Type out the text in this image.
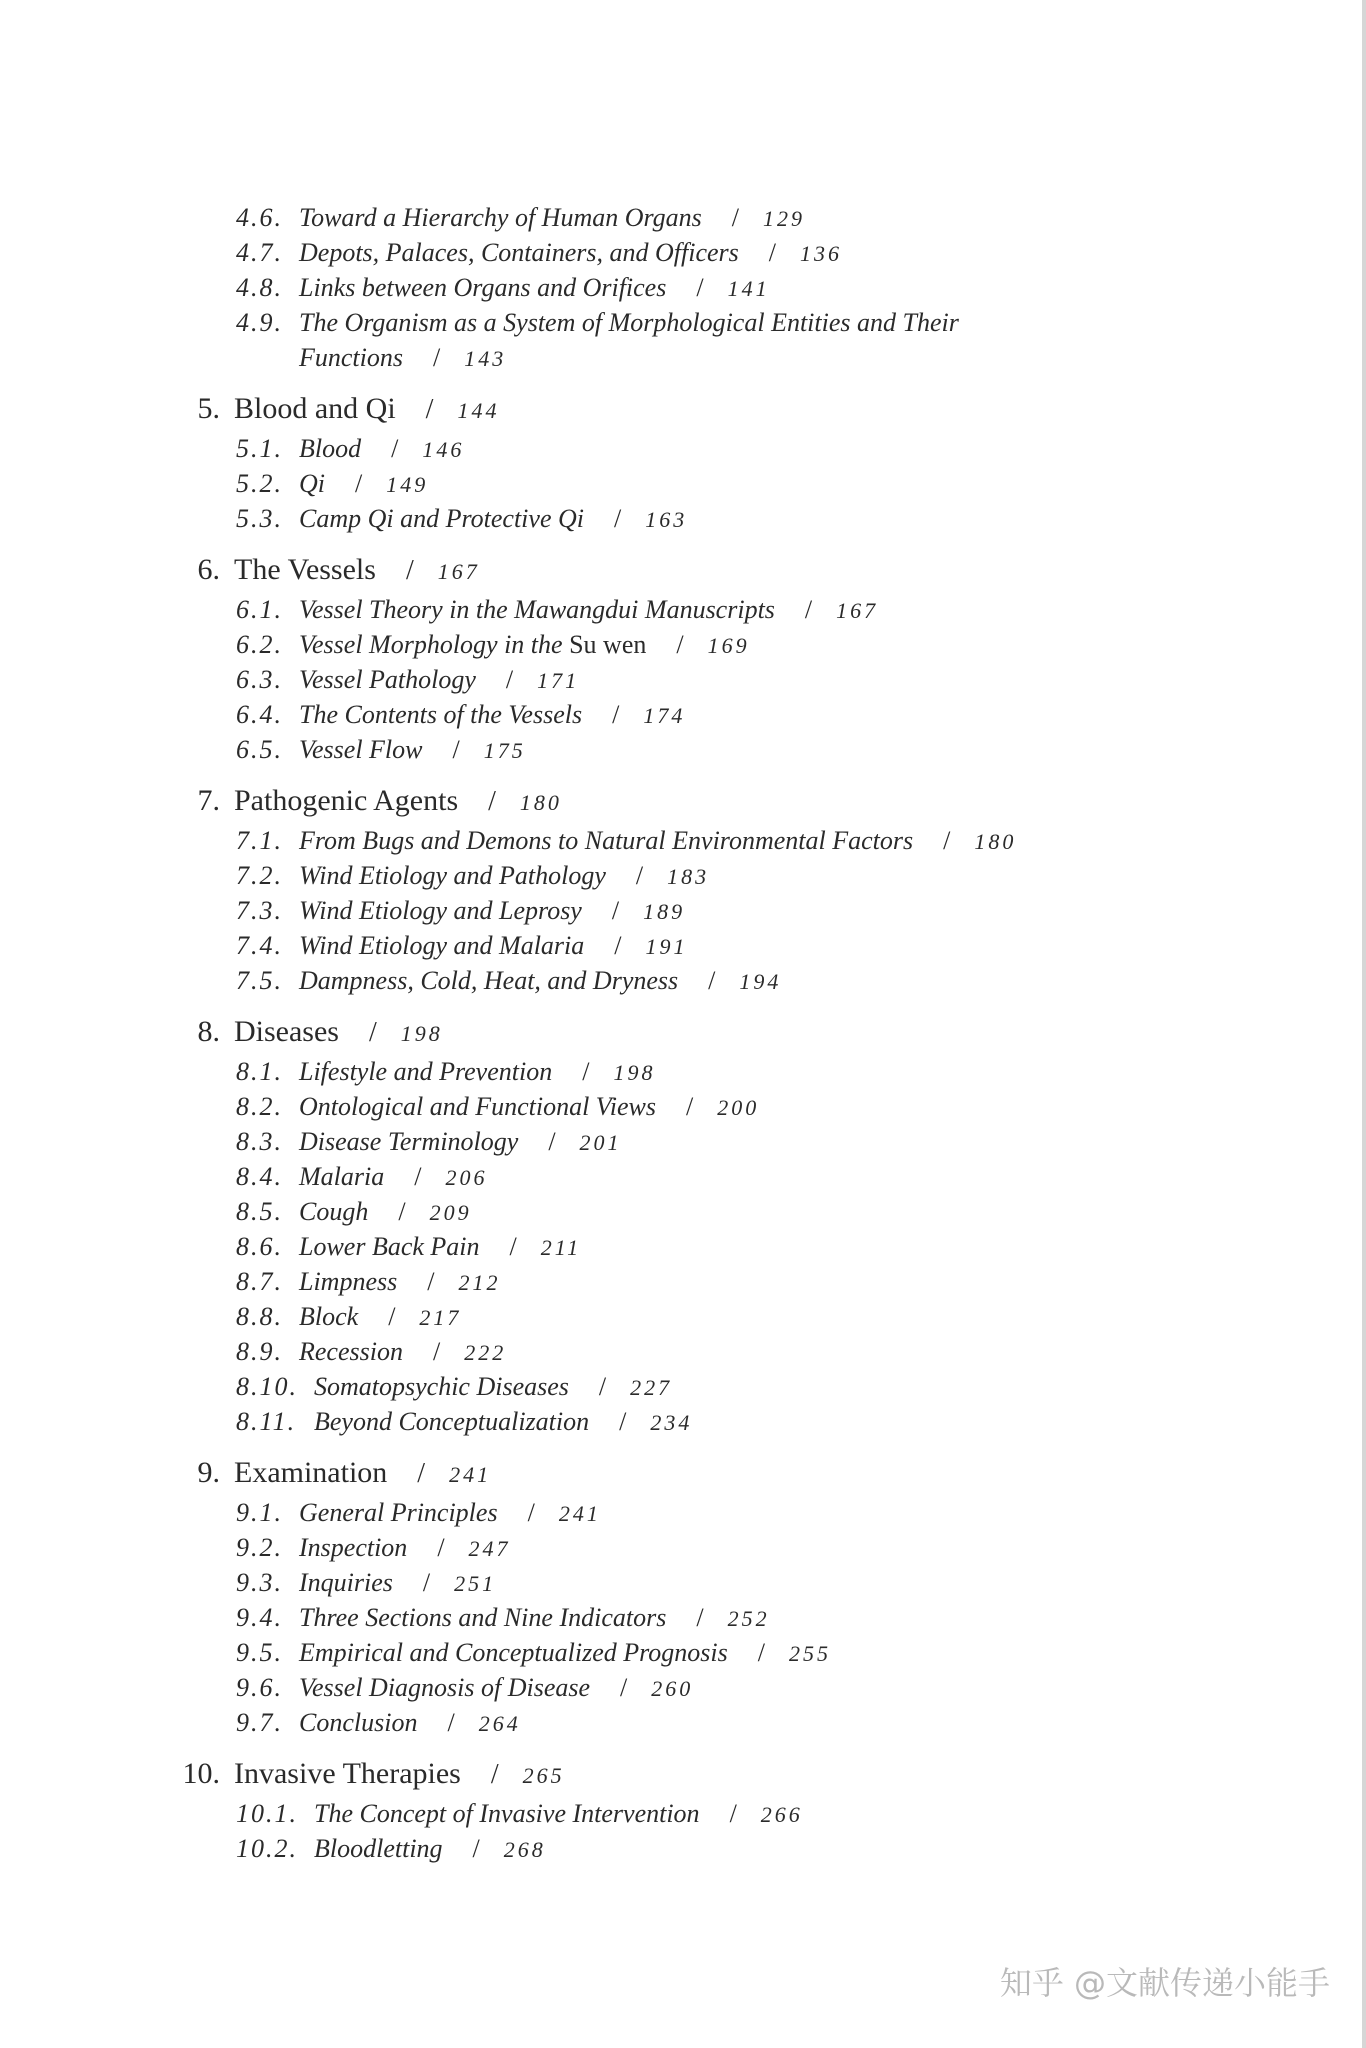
4.6. Toward a Hierarchy of Human Organs / 129
4.7. Depots, Palaces, Containers, and Officers / 136
4.8. Links between Organs and Orifices / 141
4.9. The Organism as a System of Morphological Entities and Their
Functions / 143
5. Blood and Qi / 144
5.1. Blood / 146
5.2. Qi / 149
5.3. Camp Qi and Protective Qi / 163
6. The Vessels / 167
6.1. Vessel Theory in the Mawangdui Manuscripts / 167
6.2. Vessel Morphology in the Su wen / 169
6.3. Vessel Pathology / 171
6.4. The Contents of the Vessels / 174
6.5. Vessel Flow / 175
7. Pathogenic Agents / 180
7.1. From Bugs and Demons to Natural Environmental Factors / 180
7.2. Wind Etiology and Pathology / 183
7.3. Wind Etiology and Leprosy / 189
7.4. Wind Etiology and Malaria / 191
7.5. Dampness, Cold, Heat, and Dryness / 194
8. Diseases / 198
8.1. Lifestyle and Prevention / 198
8.2. Ontological and Functional Views / 200
8.3. Disease Terminology / 201
8.4. Malaria / 206
8.5. Cough / 209
8.6. Lower Back Pain / 211
8.7. Limpness / 212
8.8. Block / 217
8.9. Recession / 222
8.10. Somatopsychic Diseases / 227
8.11. Beyond Conceptualization / 234
9. Examination / 241
9.1. General Principles / 241
9.2. Inspection / 247
9.3. Inquiries / 251
9.4. Three Sections and Nine Indicators / 252
9.5. Empirical and Conceptualized Prognosis / 255
9.6. Vessel Diagnosis of Disease / 260
9.7. Conclusion / 264
10. Invasive Therapies / 265
10.1. The Concept of Invasive Intervention / 266
10.2. Bloodletting / 268
知乎 @文献传递小能手
